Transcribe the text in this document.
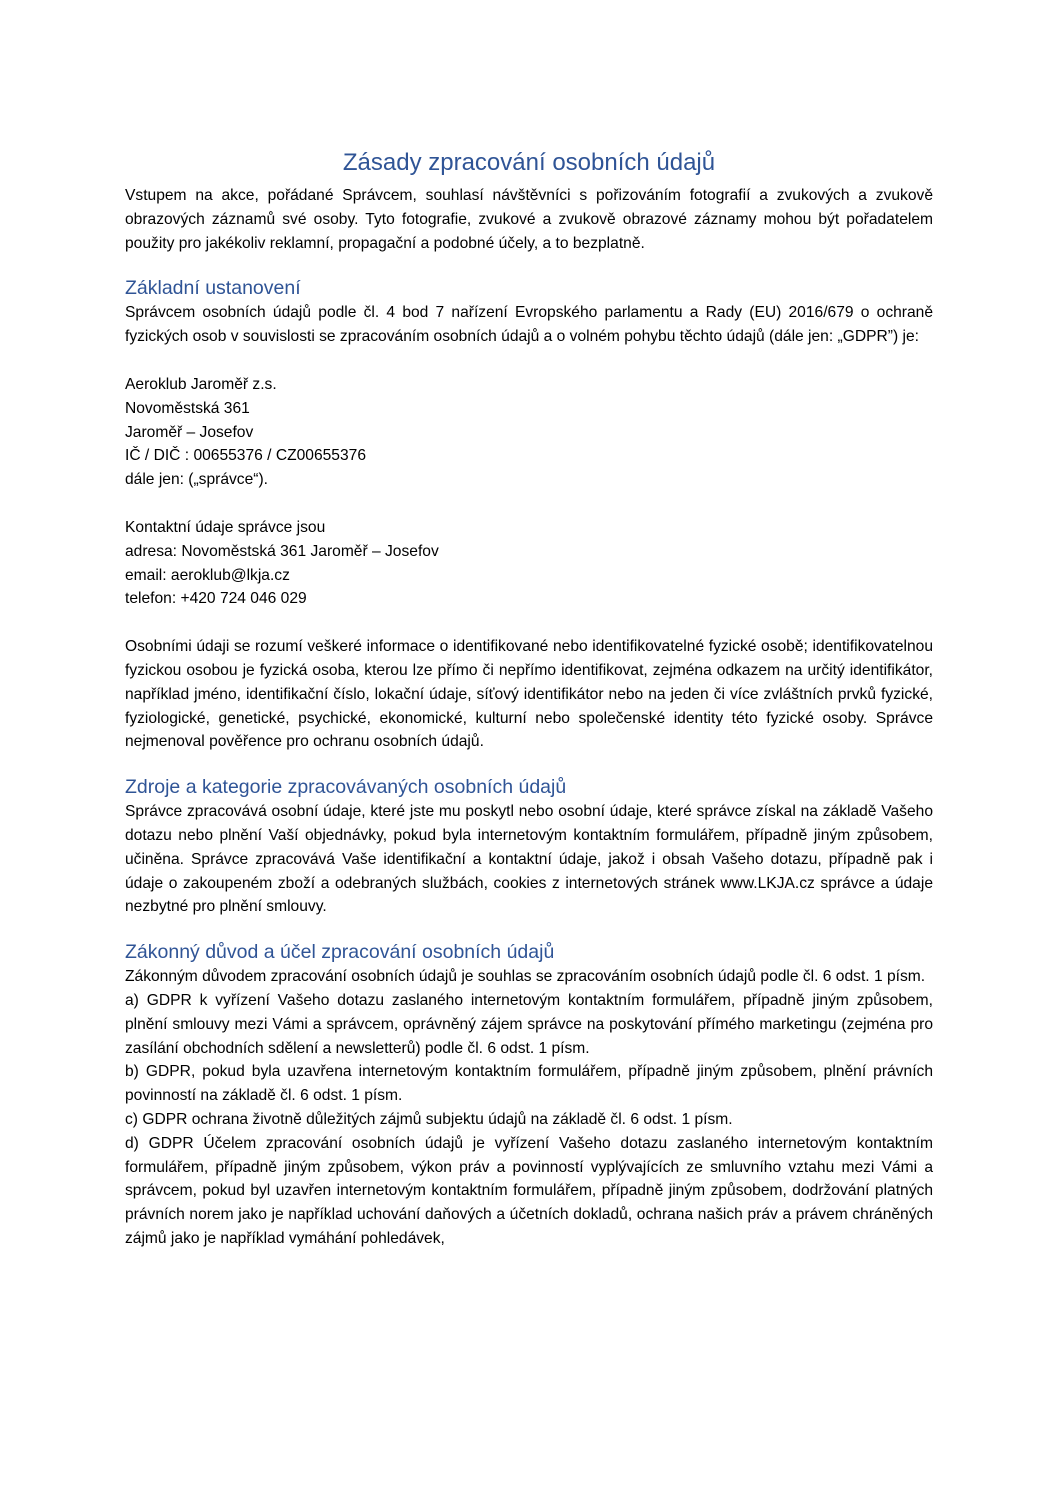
Zásady zpracování osobních údajů

Vstupem na akce, pořádané Správcem, souhlasí návštěvníci s pořizováním fotografií a zvukových a zvukově obrazových záznamů své osoby. Tyto fotografie, zvukové a zvukově obrazové záznamy mohou být pořadatelem použity pro jakékoliv reklamní, propagační a podobné účely, a to bezplatně.

Základní ustanovení

Správcem osobních údajů podle čl. 4 bod 7 nařízení Evropského parlamentu a Rady (EU) 2016/679 o ochraně fyzických osob v souvislosti se zpracováním osobních údajů a o volném pohybu těchto údajů (dále jen: „GDPR”) je:

Aeroklub Jaroměř z.s.
Novoměstská 361
Jaroměř – Josefov
IČ / DIČ : 00655376 / CZ00655376
dále jen: („správce“).
Kontaktní údaje správce jsou
adresa: Novoměstská 361 Jaroměř – Josefov
email: aeroklub@lkja.cz
telefon: +420 724 046 029

Osobními údaji se rozumí veškeré informace o identifikované nebo identifikovatelné fyzické osobě; identifikovatelnou fyzickou osobou je fyzická osoba, kterou lze přímo či nepřímo identifikovat, zejména odkazem na určitý identifikátor, například jméno, identifikační číslo, lokační údaje, síťový identifikátor nebo na jeden či více zvláštních prvků fyzické, fyziologické, genetické, psychické, ekonomické, kulturní nebo společenské identity této fyzické osoby. Správce nejmenoval pověřence pro ochranu osobních údajů.

Zdroje a kategorie zpracovávaných osobních údajů

Správce zpracovává osobní údaje, které jste mu poskytl nebo osobní údaje, které správce získal na základě Vašeho dotazu nebo plnění Vaší objednávky, pokud byla internetovým kontaktním formulářem, případně jiným způsobem, učiněna. Správce zpracovává Vaše identifikační a kontaktní údaje, jakož i obsah Vašeho dotazu, případně pak i údaje o zakoupeném zboží a odebraných službách, cookies z internetových stránek www.LKJA.cz správce a údaje nezbytné pro plnění smlouvy.

Zákonný důvod a účel zpracování osobních údajů

Zákonným důvodem zpracování osobních údajů je souhlas se zpracováním osobních údajů podle čl. 6 odst. 1 písm.

a) GDPR k vyřízení Vašeho dotazu zaslaného internetovým kontaktním formulářem, případně jiným způsobem, plnění smlouvy mezi Vámi a správcem, oprávněný zájem správce na poskytování přímého marketingu (zejména pro zasílání obchodních sdělení a newsletterů) podle čl. 6 odst. 1 písm.

b) GDPR, pokud byla uzavřena internetovým kontaktním formulářem, případně jiným způsobem, plnění právních povinností na základě čl. 6 odst. 1 písm.

c) GDPR ochrana životně důležitých zájmů subjektu údajů na základě čl. 6 odst. 1 písm.

d) GDPR Účelem zpracování osobních údajů je vyřízení Vašeho dotazu zaslaného internetovým kontaktním formulářem, případně jiným způsobem, výkon práv a povinností vyplývajících ze smluvního vztahu mezi Vámi a správcem, pokud byl uzavřen internetovým kontaktním formulářem, případně jiným způsobem, dodržování platných právních norem jako je například uchování daňových a účetních dokladů, ochrana našich práv a právem chráněných zájmů jako je například vymáhání pohledávek,
